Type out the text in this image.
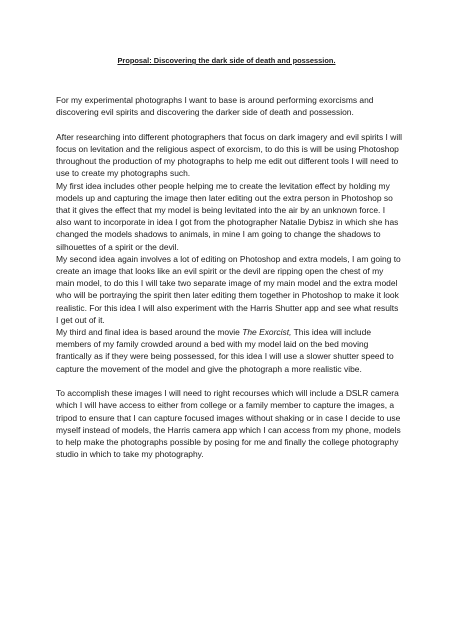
Proposal: Discovering the dark side of death and possession.

For my experimental photographs I want to base is around performing exorcisms and discovering evil spirits and discovering the darker side of death and possession.

After researching into different photographers that focus on dark imagery and evil spirits I will focus on levitation and the religious aspect of exorcism, to do this is will be using Photoshop throughout the production of my photographs to help me edit out different tools I will need to use to create my photographs such.

My first idea includes other people helping me to create the levitation effect by holding my models up and capturing the image then later editing out the extra person in Photoshop so that it gives the effect that my model is being levitated into the air by an unknown force. I also want to incorporate in idea I got from the photographer Natalie Dybisz in which she has changed the models shadows to animals, in mine I am going to change the shadows to silhouettes of a spirit or the devil.

My second idea again involves a lot of editing on Photoshop and extra models, I am going to create an image that looks like an evil spirit or the devil are ripping open the chest of my main model, to do this I will take two separate image of my main model and the extra model who will be portraying the spirit then later editing them together in Photoshop to make it look realistic. For this idea I will also experiment with the Harris Shutter app and see what results I get out of it.

My third and final idea is based around the movie The Exorcist, This idea will include members of my family crowded around a bed with my model laid on the bed moving frantically as if they were being possessed, for this idea I will use a slower shutter speed to capture the movement of the model and give the photograph a more realistic vibe.

To accomplish these images I will need to right recourses which will include a DSLR camera which I will have access to either from college or a family member to capture the images, a tripod to ensure that I can capture focused images without shaking or in case I decide to use myself instead of models, the Harris camera app which I can access from my phone, models to help make the photographs possible by posing for me and finally the college photography studio in which to take my photography.
